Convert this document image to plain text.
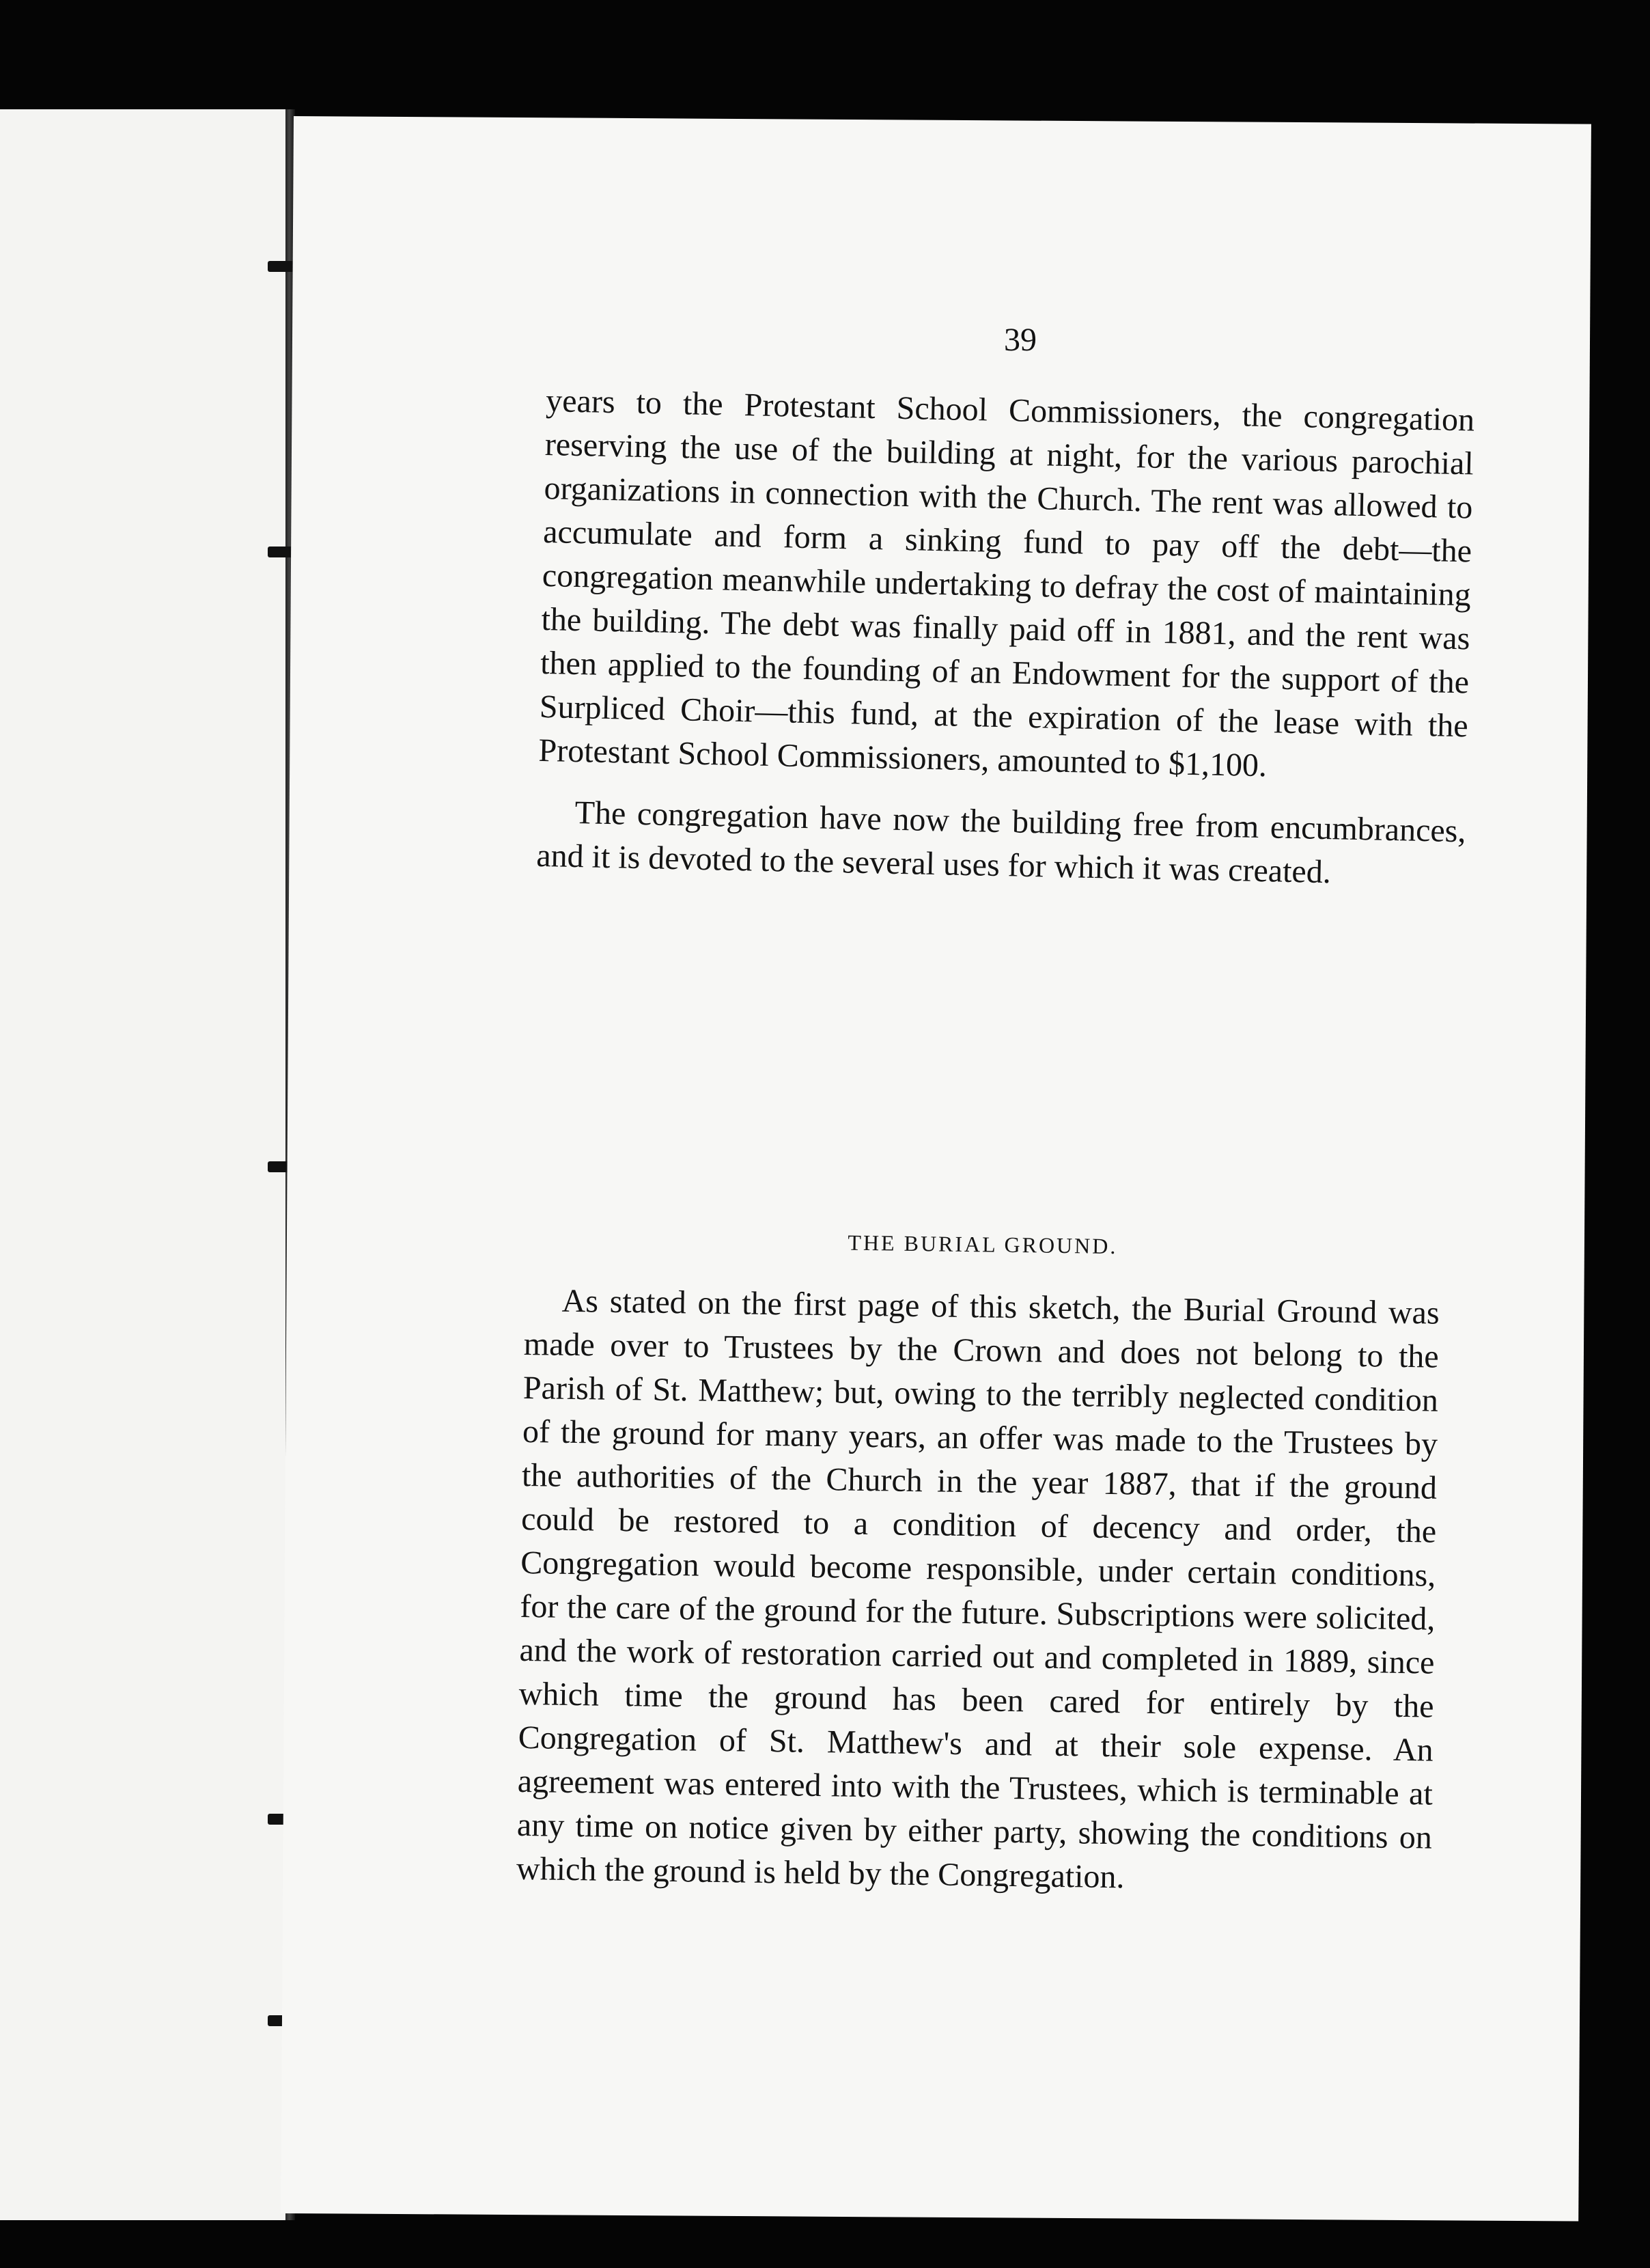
39

years to the Protestant School Commissioners, the congregation reserving the use of the building at night, for the various parochial organizations in connection with the Church. The rent was allowed to accumulate and form a sinking fund to pay off the debt—the congregation meanwhile undertaking to defray the cost of maintaining the building. The debt was finally paid off in 1881, and the rent was then applied to the founding of an Endowment for the support of the Surpliced Choir—this fund, at the expiration of the lease with the Protestant School Commissioners, amounted to $1,100.

The congregation have now the building free from encumbrances, and it is devoted to the several uses for which it was created.

THE BURIAL GROUND.

As stated on the first page of this sketch, the Burial Ground was made over to Trustees by the Crown and does not belong to the Parish of St. Matthew; but, owing to the terribly neglected condition of the ground for many years, an offer was made to the Trustees by the authorities of the Church in the year 1887, that if the ground could be restored to a condition of decency and order, the Congregation would become responsible, under certain conditions, for the care of the ground for the future. Subscriptions were solicited, and the work of restoration carried out and completed in 1889, since which time the ground has been cared for entirely by the Congregation of St. Matthew's and at their sole expense. An agreement was entered into with the Trustees, which is terminable at any time on notice given by either party, showing the conditions on which the ground is held by the Congregation.
